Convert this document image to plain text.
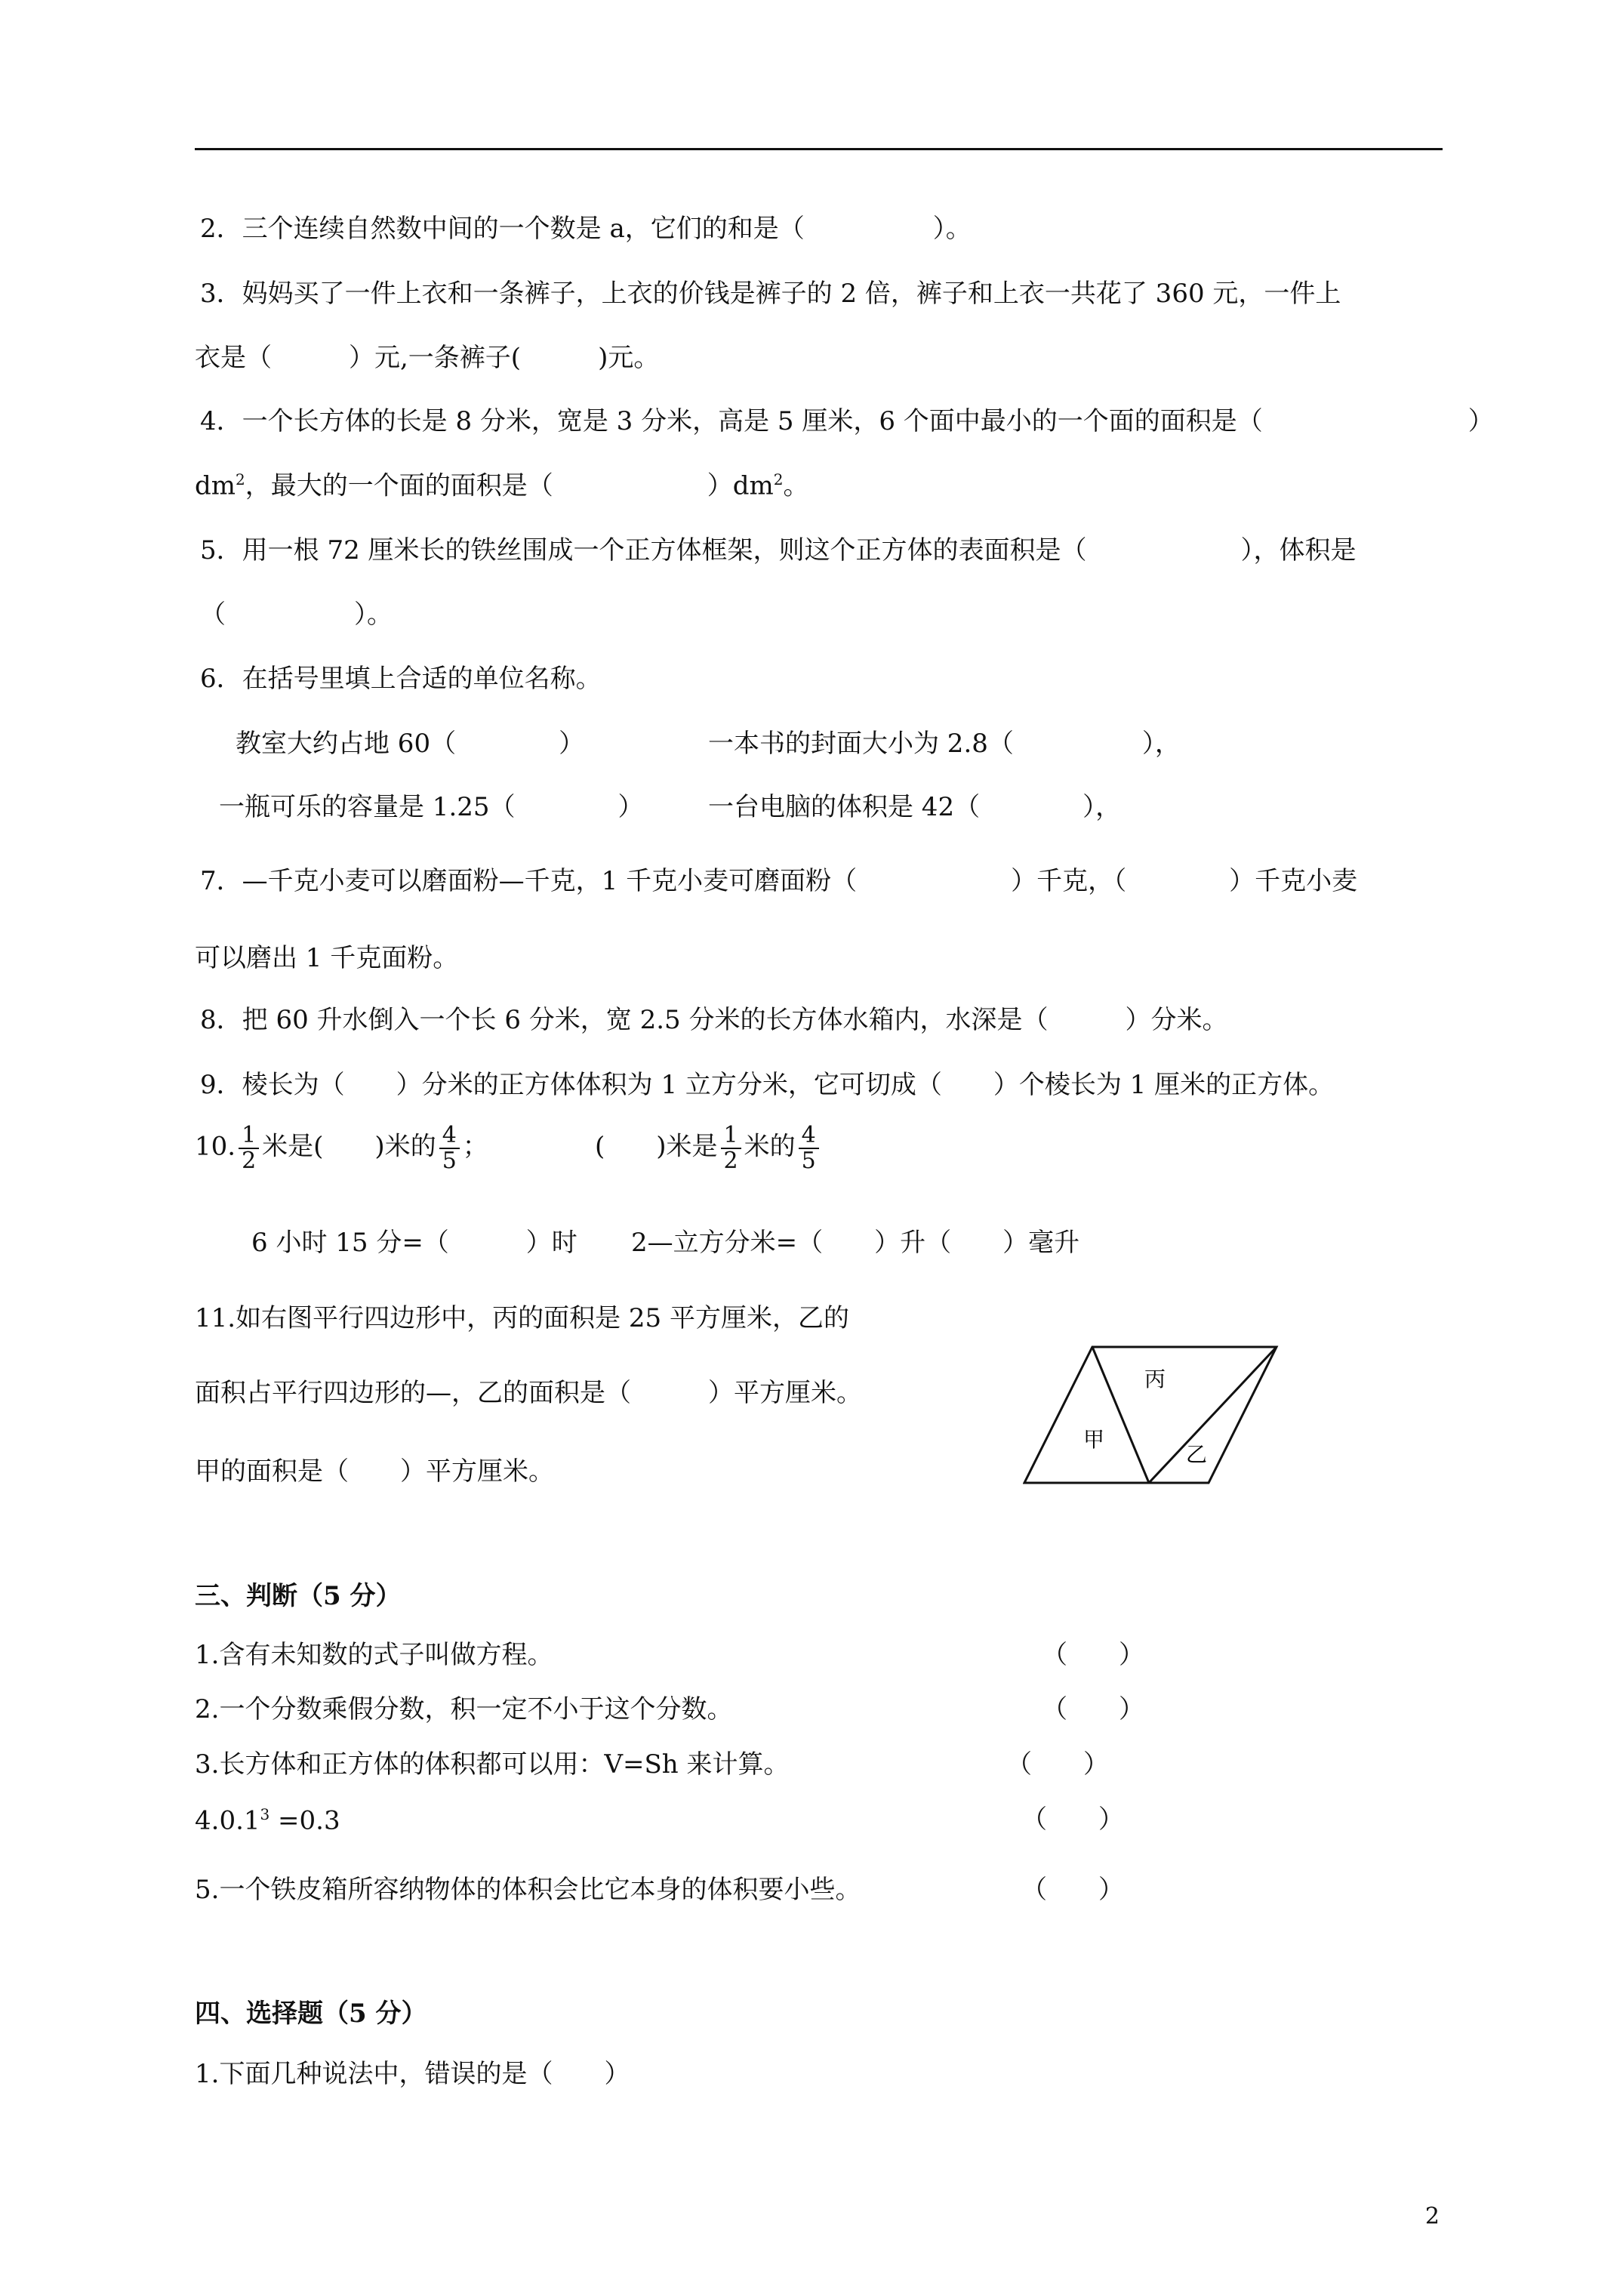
2．三个连续自然数中间的一个数是 a，它们的和是（　　　　　）。
3．妈妈买了一件上衣和一条裤子，上衣的价钱是裤子的 2 倍，裤子和上衣一共花了 360 元，一件上
衣是（　　　）元,一条裤子(　　　)元。
4．一个长方体的长是 8 分米，宽是 3 分米，高是 5 厘米，6 个面中最小的一个面的面积是（　　　　　　　　）
$dm^2$，最大的一个面的面积是（　　　　　　）$dm^2$。
5．用一根 72 厘米长的铁丝围成一个正方体框架，则这个正方体的表面积是（　　　　　　），体积是
（　　　　　）。
6．在括号里填上合适的单位名称。
教室大约占地 60（　　　　）	一本书的封面大小为 2.8（　　　　　），
一瓶可乐的容量是 1.25（　　　　）	一台电脑的体积是 42（　　　　），
7．—千克小麦可以磨面粉—千克，1 千克小麦可磨面粉（　　　　　　）千克，（　　　　）千克小麦
可以磨出 1 千克面粉。
8．把 60 升水倒入一个长 6 分米，宽 2.5 分米的长方体水箱内，水深是（　　　）分米。
9．棱长为（　　）分米的正方体体积为 1 立方分米，它可切成（　　）个棱长为 1 厘米的正方体。
10. $\frac{1}{2}$ 米是(　　)米的 $\frac{4}{5}$ ；	(　　)米是 $\frac{1}{2}$ 米的 $\frac{4}{5}$
6 小时 15 分=（　　　）时 2—立方分米=（　　）升（　　）毫升
11.如右图平行四边形中，丙的面积是 25 平方厘米，乙的
面积占平行四边形的—，乙的面积是（　　　）平方厘米。
甲的面积是（　　）平方厘米。
甲
丙
乙
三、判断（5 分）
1.含有未知数的式子叫做方程。	（　　）
2.一个分数乘假分数，积一定不小于这个分数。	（　　）
3.长方体和正方体的体积都可以用：V=Sh 来计算。	（　　）
$4.0.1^3 =0.3$	（　　）
5.一个铁皮箱所容纳物体的体积会比它本身的体积要小些。	（　　）
四、选择题（5 分）
1.下面几种说法中，错误的是（　　）
2
